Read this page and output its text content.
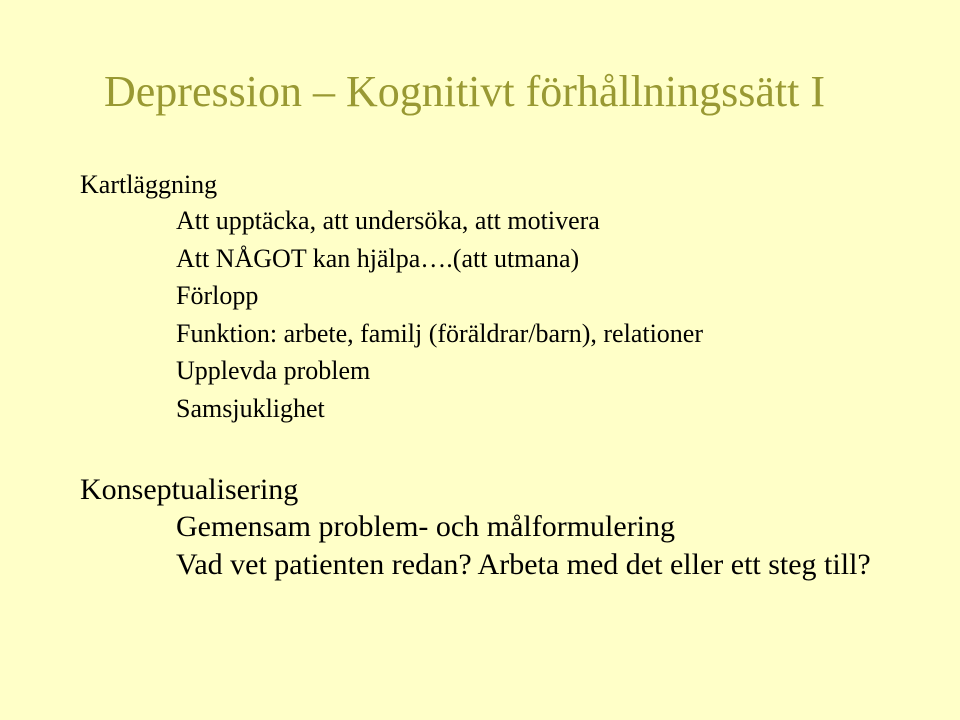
Depression – Kognitivt förhållningssätt I
Kartläggning
Att upptäcka, att undersöka, att motivera
Att NÅGOT kan hjälpa….(att utmana)
Förlopp
Funktion: arbete, familj (föräldrar/barn), relationer
Upplevda problem
Samsjuklighet
Konseptualisering
Gemensam problem- och målformulering
Vad vet patienten redan? Arbeta med det eller ett steg till?
